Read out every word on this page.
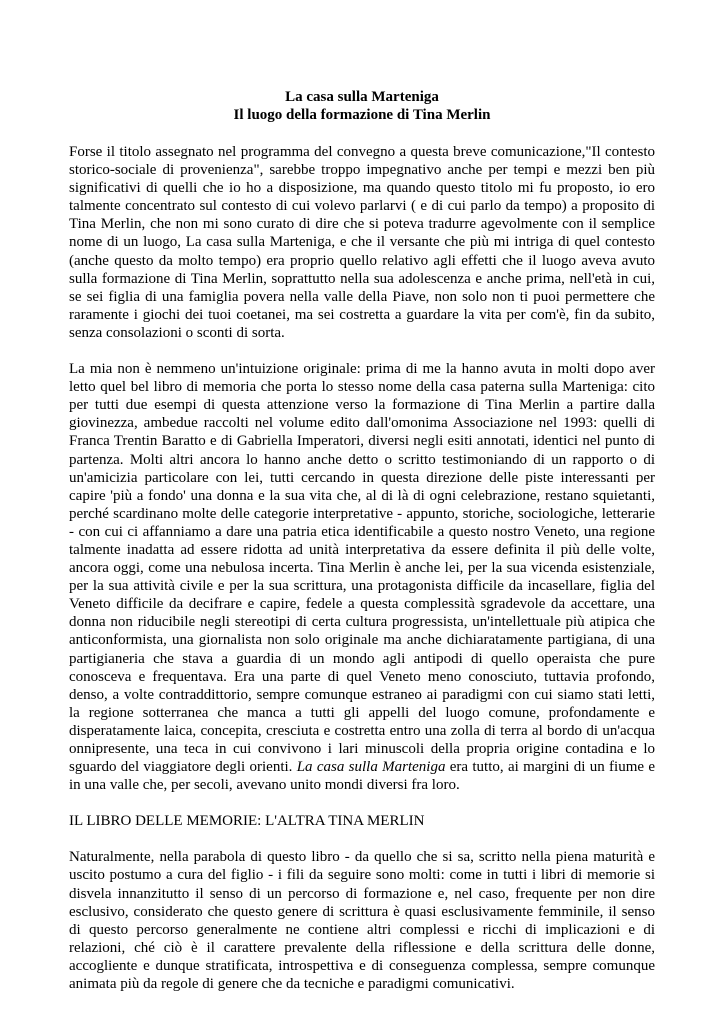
La casa sulla Marteniga

Il luogo della formazione di Tina Merlin

Forse il titolo assegnato nel programma del convegno a questa breve comunicazione,"Il contesto storico-sociale di provenienza", sarebbe troppo impegnativo anche per tempi e mezzi ben più significativi di quelli che io ho a disposizione, ma quando questo titolo mi fu proposto, io ero talmente concentrato sul contesto di cui volevo parlarvi ( e di cui parlo da tempo) a proposito di Tina Merlin, che non mi sono curato di dire che si poteva tradurre agevolmente con il semplice nome di un luogo, La casa sulla Marteniga, e che il versante che più mi intriga di quel contesto (anche questo da molto tempo) era proprio quello relativo agli effetti che il luogo aveva avuto sulla formazione di Tina Merlin, soprattutto nella sua adolescenza e anche prima, nell'età in cui, se sei figlia di una famiglia povera nella valle della Piave, non solo non ti puoi permettere che raramente i giochi dei tuoi coetanei, ma sei costretta a guardare la vita per com'è, fin da subito, senza consolazioni o sconti di sorta.

La mia non è nemmeno un'intuizione originale: prima di me la hanno avuta in molti dopo aver letto quel bel libro di memoria che porta lo stesso nome della casa paterna sulla Marteniga: cito per tutti due esempi di questa attenzione verso la formazione di Tina Merlin a partire dalla giovinezza, ambedue raccolti nel volume edito dall'omonima Associazione nel 1993: quelli di Franca Trentin Baratto e di Gabriella Imperatori, diversi negli esiti annotati, identici nel punto di partenza. Molti altri ancora lo hanno anche detto o scritto testimoniando di un rapporto o di un'amicizia particolare con lei, tutti cercando in questa direzione delle piste interessanti per capire 'più a fondo' una donna e la sua vita che, al di là di ogni celebrazione, restano squietanti, perché scardinano molte delle categorie interpretative - appunto, storiche, sociologiche, letterarie - con cui ci affanniamo a dare una patria etica identificabile a questo nostro Veneto, una regione talmente inadatta ad essere ridotta ad unità interpretativa da essere definita il più delle volte, ancora oggi, come una nebulosa incerta. Tina Merlin è anche lei, per la sua vicenda esistenziale, per la sua attività civile e per la sua scrittura, una protagonista difficile da incasellare, figlia del Veneto difficile da decifrare e capire, fedele a questa complessità sgradevole da accettare, una donna non riducibile negli stereotipi di certa cultura progressista, un'intellettuale più atipica che anticonformista, una giornalista non solo originale ma anche dichiaratamente partigiana, di una partigianeria che stava a guardia di un mondo agli antipodi di quello operaista che pure conosceva e frequentava. Era una parte di quel Veneto meno conosciuto, tuttavia profondo, denso, a volte contraddittorio, sempre comunque estraneo ai paradigmi con cui siamo stati letti, la regione sotterranea che manca a tutti gli appelli del luogo comune, profondamente e disperatamente laica, concepita, cresciuta e costretta entro una zolla di terra al bordo di un'acqua onnipresente, una teca in cui convivono i lari minuscoli della propria origine contadina e lo sguardo del viaggiatore degli orienti. La casa sulla Marteniga era tutto, ai margini di un fiume e in una valle che, per secoli, avevano unito mondi diversi fra loro.

IL LIBRO DELLE MEMORIE: L'ALTRA TINA MERLIN

Naturalmente, nella parabola di questo libro - da quello che si sa, scritto nella piena maturità e uscito postumo a cura del figlio - i fili da seguire sono molti: come in tutti i libri di memorie si disvela innanzitutto il senso di un percorso di formazione e, nel caso, frequente per non dire esclusivo, considerato che questo genere di scrittura è quasi esclusivamente femminile, il senso di questo percorso generalmente ne contiene altri complessi e ricchi di implicazioni e di relazioni, ché ciò è il carattere prevalente della riflessione e della scrittura delle donne, accogliente e dunque stratificata, introspettiva e di conseguenza complessa, sempre comunque animata più da regole di genere che da tecniche e paradigmi comunicativi.
